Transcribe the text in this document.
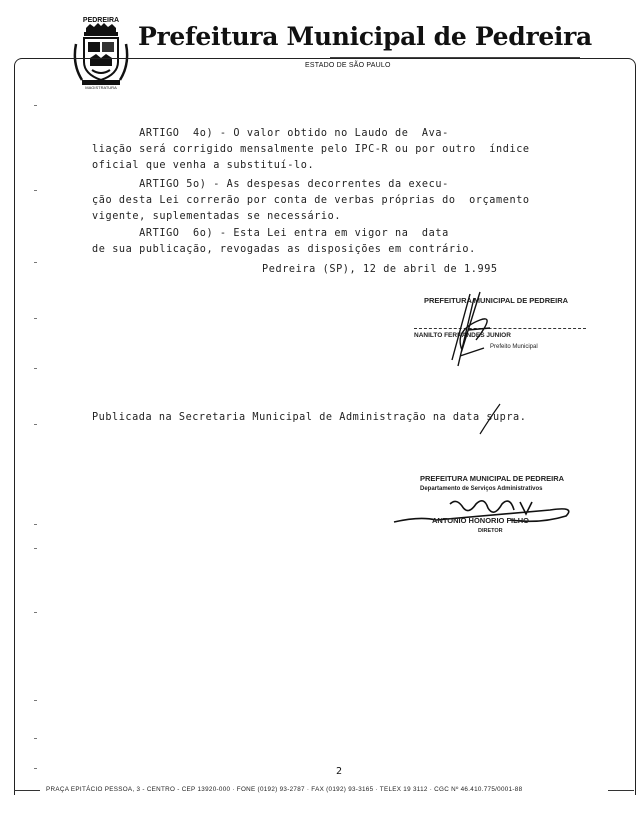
PEDREIRA
MAGISTRATURA
Prefeitura Municipal de Pedreira
ESTADO DE SÃO PAULO
ARTIGO  4o) - O valor obtido no Laudo de  Ava-
liação será corrigido mensalmente pelo IPC-R ou por outro  índice
oficial que venha a substituí-lo.
ARTIGO 5o) - As despesas decorrentes da execu-
ção desta Lei correrão por conta de verbas próprias do  orçamento
vigente, suplementadas se necessário.
ARTIGO  6o) - Esta Lei entra em vigor na  data
de sua publicação, revogadas as disposições em contrário.
Pedreira (SP), 12 de abril de 1.995
PREFEITURA MUNICIPAL DE PEDREIRA
NANILTO FERNANDES JUNIOR
Prefeito Municipal
Publicada na Secretaria Municipal de Administração na data supra.
PREFEITURA MUNICIPAL DE PEDREIRA
Departamento de Serviços Administrativos
ANTONIO HONORIO FILHO
DIRETOR
2
PRAÇA EPITÁCIO PESSOA, 3 - CENTRO - CEP 13920-000 · FONE (0192) 93-2787 · FAX (0192) 93-3165 · TELEX 19 3112 · CGC Nº 46.410.775/0001-88
